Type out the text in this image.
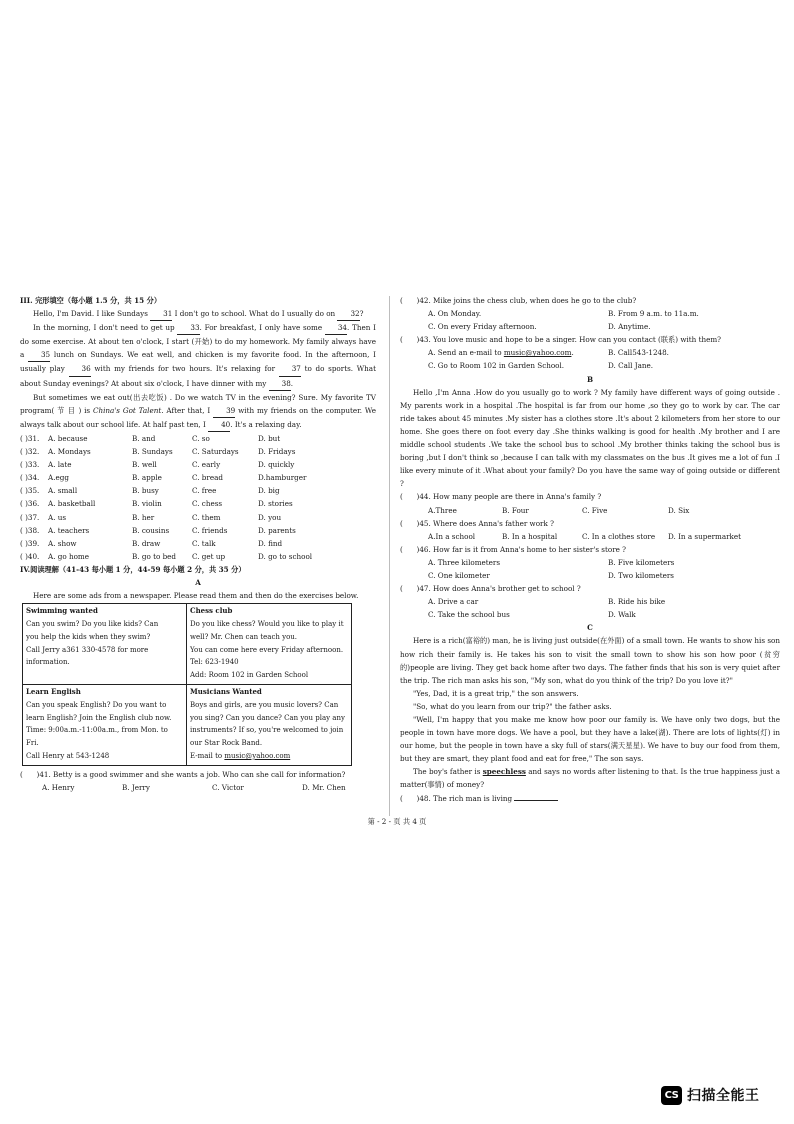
III. 完形填空（每小题 1.5 分，共 15 分）
Hello, I'm David. I like Sundays 31 I don't go to school. What do I usually do on 32?
In the morning, I don't need to get up 33. For breakfast, I only have some 34. Then I do some exercise. At about ten o'clock, I start (开始) to do my homework. My family always have a 35 lunch on Sundays. We eat well, and chicken is my favorite food. In the afternoon, I usually play 36 with my friends for two hours. It's relaxing for 37 to do sports. What about Sunday evenings? At about six o'clock, I have dinner with my 38.
But sometimes we eat out(出去吃饭) . Do we watch TV in the evening? Sure. My favorite TV program( 节 目 ) is China's Got Talent. After that, I 39 with my friends on the computer. We always talk about our school life. At half past ten, I 40. It's a relaxing day.
( )31.	A. because	B. and	C. so	D. but
( )32.	A. Mondays	B. Sundays	C. Saturdays	D. Fridays
( )33.	A. late	B. well	C. early	D. quickly
( )34.	A.egg	B. apple	C. bread	D.hamburger
( )35.	A. small	B. busy	C. free	D. big
( )36.	A. basketball	B. violin	C. chess	D. stories
( )37.	A. us	B. her	C. them	D. you
( )38.	A. teachers	B. cousins	C. friends	D. parents
( )39.	A. show	B. draw	C. talk	D. find
( )40.	A. go home	B. go to bed	C. get up	D. go to school
IV.阅读理解（41-43 每小题 1 分，44-59 每小题 2 分，共 35 分）
A
Here are some ads from a newspaper. Please read them and then do the exercises below.
Swimming wanted
Can you swim? Do you like kids? Can
you help the kids when they swim?
Call Jerry a361 330-4578 for more
information.
Chess club
Do you like chess? Would you like to play it
well? Mr. Chen can teach you.
You can come here every Friday afternoon.
Tel: 623-1940
Add: Room 102 in Garden School
Learn English
Can you speak English? Do you want to
learn English? Join the English club now.
Time: 9:00a.m.-11:00a.m., from Mon. to
Fri.
Call Henry at 543-1248
Musicians Wanted
Boys and girls, are you music lovers? Can
you sing? Can you dance? Can you play any
instruments? If so, you're welcomed to join
our Star Rock Band.
E-mail to music@yahoo.com
(      )41. Betty is a good swimmer and she wants a job. Who can she call for information?
A. Henry	B. Jerry	C. Victor	D. Mr. Chen
(      )42. Mike joins the chess club, when does he go to the club?
A. On Monday.	B. From 9 a.m. to 11a.m.
C. On every Friday afternoon.	D. Anytime.
(      )43. You love music and hope to be a singer. How can you contact (联系) with them?
A. Send an e-mail to music@yahoo.com.	B. Call543-1248.
C. Go to Room 102 in Garden School.	D. Call Jane.
B
Hello ,I'm Anna .How do you usually go to work ? My family have different ways of going outside . My parents work in a hospital .The hospital is far from our home ,so they go to work by car. The car ride takes about 45 minutes .My sister has a clothes store .It's about 2 kilometers from her store to our home. She goes there on foot every day .She thinks walking is good for health .My brother and I are middle school students .We take the school bus to school .My brother thinks taking the school bus is boring ,but I don't think so ,because I can talk with my classmates on the bus .It gives me a lot of fun .I like every minute of it .What about your family? Do you have the same way of going outside or different ?
(      )44. How many people are there in Anna's family ?
A.Three	B. Four	C. Five	D. Six
(      )45. Where does Anna's father work ?
A.In a school	B. In a hospital	C. In a clothes store	D. In a supermarket
(      )46. How far is it from Anna's home to her sister's store ?
A. Three kilometers	B. Five kilometers
C. One kilometer	D. Two kilometers
(      )47. How does Anna's brother get to school ?
A. Drive a car	B. Ride his bike
C. Take the school bus	D. Walk
C
Here is a rich(富裕的) man, he is living just outside(在外面) of a small town. He wants to show his son how rich their family is. He takes his son to visit the small town to show his son how poor (贫穷的)people are living. They get back home after two days. The father finds that his son is very quiet after the trip. The rich man asks his son, "My son, what do you think of the trip? Do you love it?"
"Yes, Dad, it is a great trip," the son answers.
"So, what do you learn from our trip?" the father asks.
"Well, I'm happy that you make me know how poor our family is. We have only two dogs, but the people in town have more dogs. We have a pool, but they have a lake(湖). There are lots of lights(灯) in our home, but the people in town have a sky full of stars(满天星星). We have to buy our food from them, but they are smart, they plant food and eat for free," The son says.
The boy's father is speechless and says no words after listening to that. Is the true happiness just a matter(事情) of money?
(      )48. The rich man is living
第 - 2 - 页 共 4 页
CS 扫描全能王
